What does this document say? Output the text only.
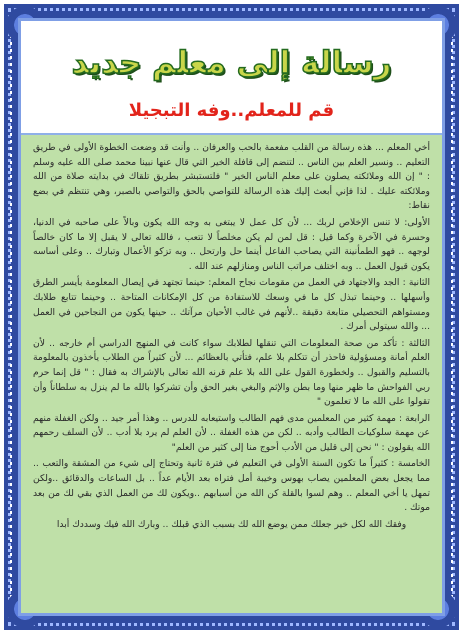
رسالة إلى معلم جديد
قم للمعلم..وفه التبجيلا

أخي المعلم ... هذه رسالة من القلب مفعمة بالحب والعرفان .. وأنت قد وضعت الخطوة الأولى في طريق التعليم .. ونسير العلم بين الناس .. لتنضم إلى قافلة الخير التي قال عنها نبينا محمد صلى الله عليه وسلم : " إن الله وملائكته يصلون على معلم الناس الخير " فلتستبشر بطريق تلقاك في بدايته صلاة من الله وملائكته عليك . لذا فإني أبعث إليك هذه الرسالة للتواصي بالحق والتواصي بالصبر، وهي تنتظم في بضع نقاط:

الأولى: لا تنس الإخلاص لربك ... لأن كل عمل لا يبتغى به وجه الله يكون وبالاً على صاحبه في الدنيا، وحسرة في الآخرة وكما قيل : قل لمن لم يكن مخلصاً لا تتعب ، فالله تعالى لا يقبل إلا ما كان خالصاً لوجهه .. فهو الطمأنينة التي يصاحب الفاعل أينما حل وارتحل .. وبه تزكو الأعمال وتبارك .. وعلى أساسه يكون قبول العمل .. وبه اختلف مراتب الناس ومنازلهم عند الله .

الثانية : الجد والاجتهاد في العمل من مقومات نجاح المعلم: حينما تجتهد في إيصال المعلومة بأيسر الطرق وأسهلها .. وحينما تبذل كل ما في وسعك للاستفادة من كل الإمكانات المتاحة .. وحينما تتابع طلابك ومستواهم التحصيلي متابعة دقيقة ..لأنهم في غالب الأحيان مرآتك .. حينها يكون من النجاحين في العمل ... والله سيتولى أمرك .

الثالثة : تأكد من صحة المعلومات التي تنقلها لطلابك سواء كانت في المنهج الدراسي أم خارجه .. لأن العلم أمانة ومسؤولية فاحذر أن تتكلم بلا علم، فتأتي بالعظائم ... لأن كثيراً من الطلاب يأخذون بالمعلومة بالتسليم والقبول .. ولخطورة القول على الله بلا علم قرنه الله تعالى بالإشراك به فقال : " قل إنما حرم ربي الفواحش ما ظهر منها وما بطن والإثم والبغي بغير الحق وأن تشركوا بالله ما لم ينزل به سلطاناً وأن تقولوا على الله ما لا تعلمون "

الرابعة : مهمة كثير من المعلمين مدى فهم الطالب واستيعابه للدرس .. وهذا أمر جيد .. ولكن الغفلة منهم عن مهمة سلوكيات الطالب وأدبه .. لكن من هذه الغفلة .. لأن العلم لم يرد بلا أدب .. لأن السلف رحمهم الله يقولون : " نحن إلى قليل من الأدب أحوج منا إلى كثير من العلم"

الخامسة : كثيراً ما تكون السنة الأولى في التعليم في فترة ثانية وتحتاج إلى شيء من المشقة والتعب .. مما يجعل بعض المعلمين يصاب بهوس وخيبة أمل فتراه بعد الأيام عداً .. بل الساعات والدقائق ..ولكن تمهل يا أخي المعلم .. وهم لسوا بالقلة كن الله من أسبابهم ..ويكون لك من العمل الذي بقي لك من بعد موتك .

وفقك الله لكل خير جعلك ممن يوضع الله لك بسبب الذي قبلك .. وبارك الله فيك وسددك أبدا
